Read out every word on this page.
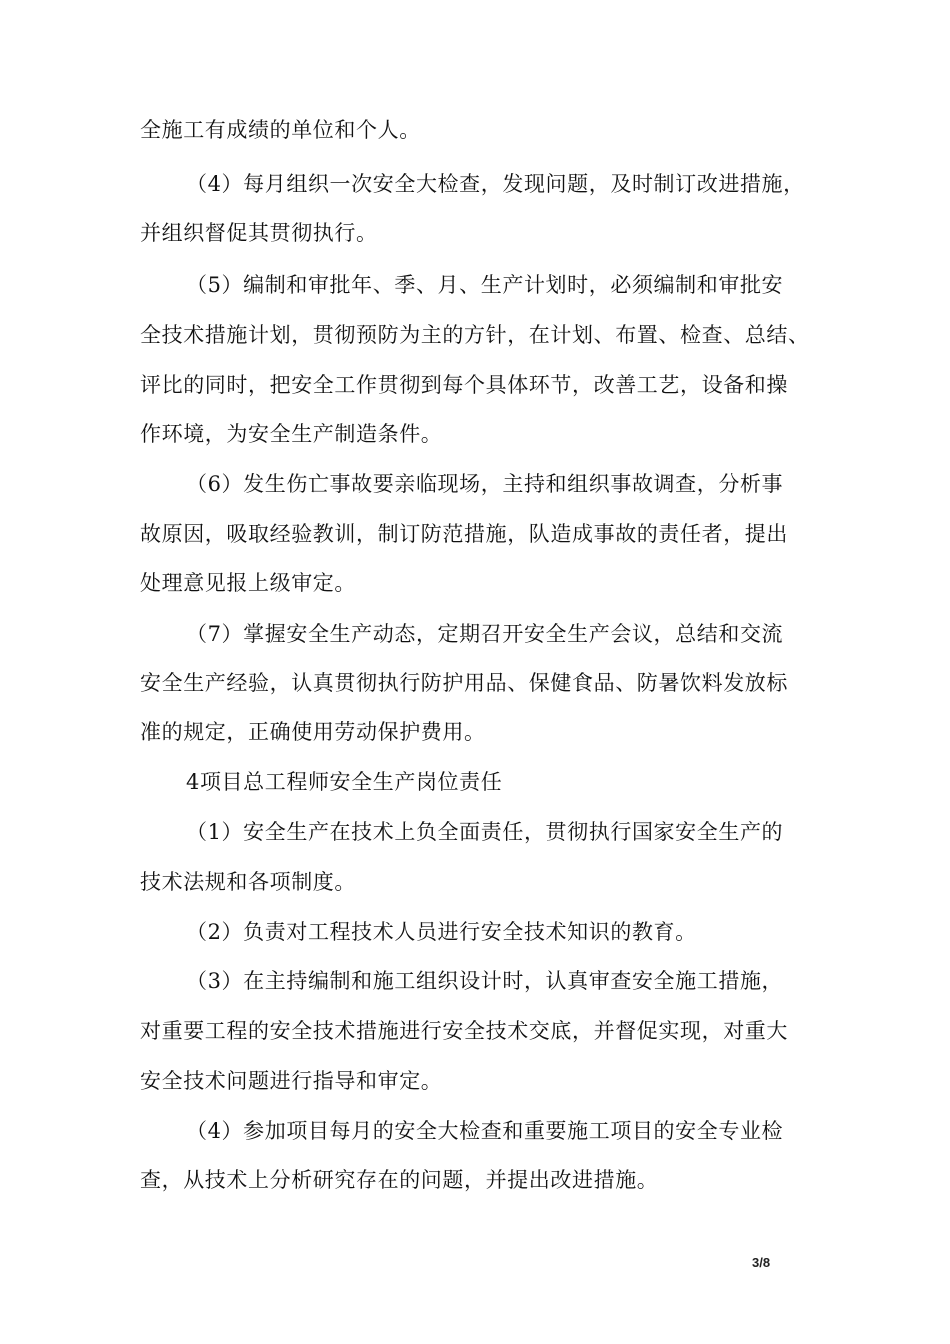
全施工有成绩的单位和个人。
（4）每月组织一次安全大检查，发现问题，及时制订改进措施，
并组织督促其贯彻执行。
（5）编制和审批年、季、月、生产计划时，必须编制和审批安
全技术措施计划，贯彻预防为主的方针，在计划、布置、检查、总结、
评比的同时，把安全工作贯彻到每个具体环节，改善工艺，设备和操
作环境，为安全生产制造条件。
（6）发生伤亡事故要亲临现场，主持和组织事故调查，分析事
故原因，吸取经验教训，制订防范措施，队造成事故的责任者，提出
处理意见报上级审定。
（7）掌握安全生产动态，定期召开安全生产会议，总结和交流
安全生产经验，认真贯彻执行防护用品、保健食品、防暑饮料发放标
准的规定，正确使用劳动保护费用。
4项目总工程师安全生产岗位责任
（1）安全生产在技术上负全面责任，贯彻执行国家安全生产的
技术法规和各项制度。
（2）负责对工程技术人员进行安全技术知识的教育。
（3）在主持编制和施工组织设计时，认真审查安全施工措施，
对重要工程的安全技术措施进行安全技术交底，并督促实现，对重大
安全技术问题进行指导和审定。
（4）参加项目每月的安全大检查和重要施工项目的安全专业检
查，从技术上分析研究存在的问题，并提出改进措施。
3/8
